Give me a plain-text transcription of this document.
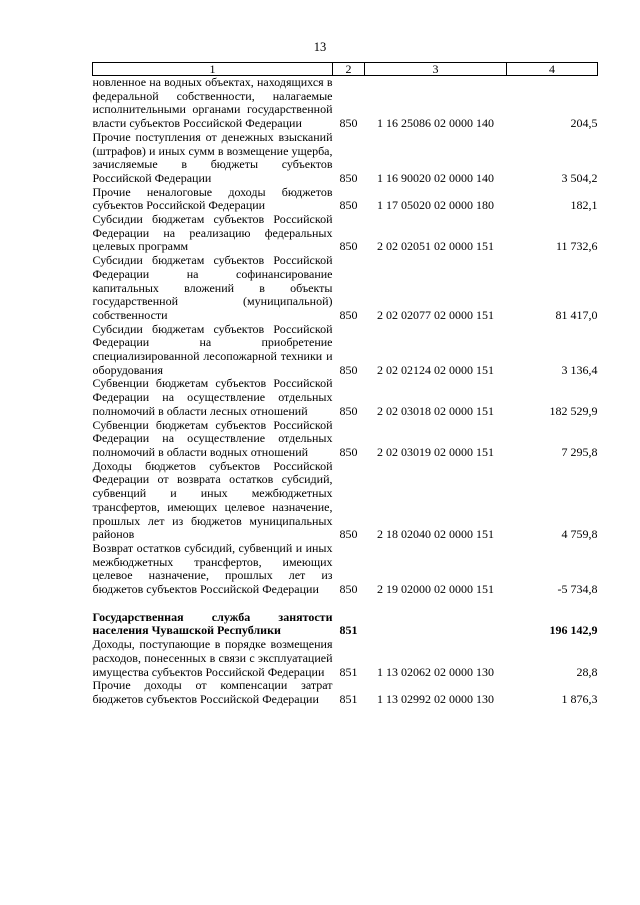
13
1	2	3	4
новленное на водных объектах, находящихся в федеральной собственности, налагаемые исполнительными органами государственной власти субъектов Российской Федерации	850	1 16 25086 02 0000 140	204,5
Прочие поступления от денежных взысканий (штрафов) и иных сумм в возмещение ущерба, зачисляемые в бюджеты субъектов Российской Федерации	850	1 16 90020 02 0000 140	3 504,2
Прочие неналоговые доходы бюджетов субъектов Российской Федерации	850	1 17 05020 02 0000 180	182,1
Субсидии бюджетам субъектов Российской Федерации на реализацию федеральных целевых программ	850	2 02 02051 02 0000 151	11 732,6
Субсидии бюджетам субъектов Российской Федерации на софинансирование капитальных вложений в объекты государственной (муниципальной) собственности	850	2 02 02077 02 0000 151	81 417,0
Субсидии бюджетам субъектов Российской Федерации на приобретение специализированной лесопожарной техники и оборудования	850	2 02 02124 02 0000 151	3 136,4
Субвенции бюджетам субъектов Российской Федерации на осуществление отдельных полномочий в области лесных отношений	850	2 02 03018 02 0000 151	182 529,9
Субвенции бюджетам субъектов Российской Федерации на осуществление отдельных полномочий в области водных отношений	850	2 02 03019 02 0000 151	7 295,8
Доходы бюджетов субъектов Российской Федерации от возврата остатков субсидий, субвенций и иных межбюджетных трансфертов, имеющих целевое назначение, прошлых лет из бюджетов муниципальных районов	850	2 18 02040 02 0000 151	4 759,8
Возврат остатков субсидий, субвенций и иных межбюджетных трансфертов, имеющих целевое назначение, прошлых лет из бюджетов субъектов Российской Федерации	850	2 19 02000 02 0000 151	-5 734,8

Государственная служба занятости населения Чувашской Республики	851		196 142,9
Доходы, поступающие в порядке возмещения расходов, понесенных в связи с эксплуатацией имущества субъектов Российской Федерации	851	1 13 02062 02 0000 130	28,8
Прочие доходы от компенсации затрат бюджетов субъектов Российской Федерации	851	1 13 02992 02 0000 130	1 876,3
